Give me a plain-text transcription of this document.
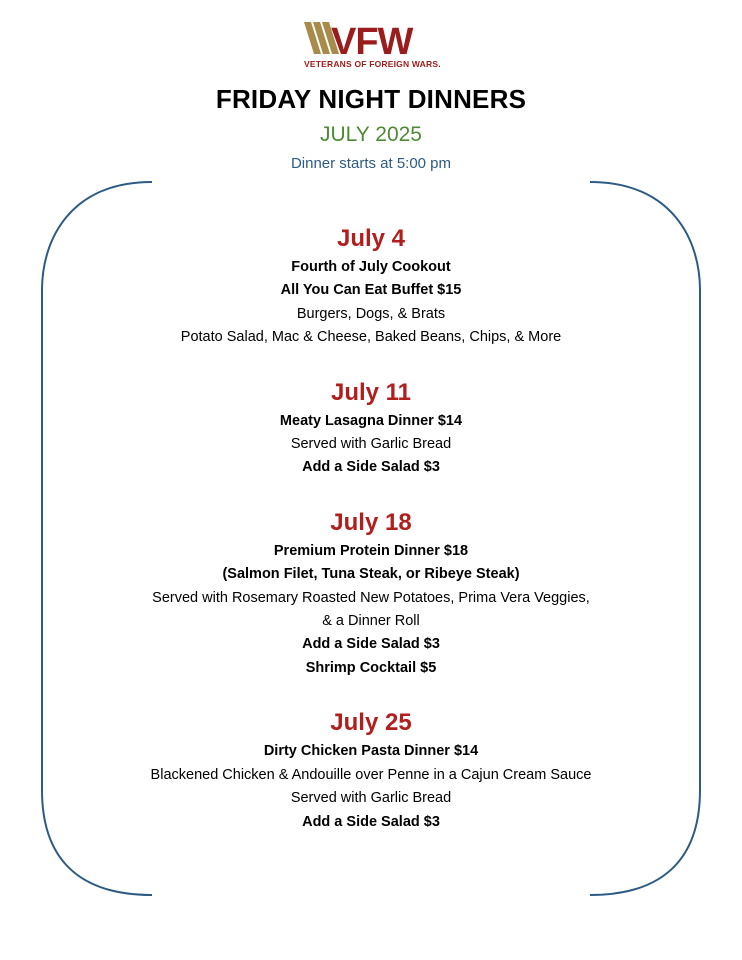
VFW
VETERANS OF FOREIGN WARS.
FRIDAY NIGHT DINNERS
JULY 2025
Dinner starts at 5:00 pm
July 4
Fourth of July Cookout
All You Can Eat Buffet $15
Burgers, Dogs, & Brats
Potato Salad, Mac & Cheese, Baked Beans, Chips, & More
July 11
Meaty Lasagna Dinner $14
Served with Garlic Bread
Add a Side Salad $3
July 18
Premium Protein Dinner $18
(Salmon Filet, Tuna Steak, or Ribeye Steak)
Served with Rosemary Roasted New Potatoes, Prima Vera Veggies,
& a Dinner Roll
Add a Side Salad $3
Shrimp Cocktail $5
July 25
Dirty Chicken Pasta Dinner $14
Blackened Chicken & Andouille over Penne in a Cajun Cream Sauce
Served with Garlic Bread
Add a Side Salad $3
